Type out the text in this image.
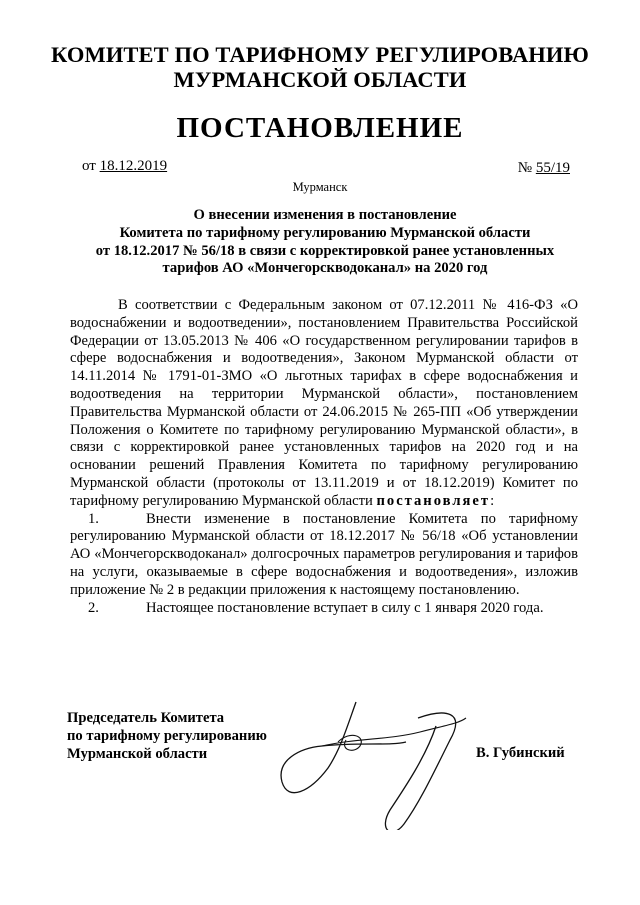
КОМИТЕТ ПО ТАРИФНОМУ РЕГУЛИРОВАНИЮ
МУРМАНСКОЙ ОБЛАСТИ
ПОСТАНОВЛЕНИЕ
от 18.12.2019	№ 55/19
Мурманск
О внесении изменения в постановление
Комитета по тарифному регулированию Мурманской области
от 18.12.2017 № 56/18 в связи с корректировкой ранее установленных
тарифов АО «Мончегорскводоканал» на 2020 год

В соответствии с Федеральным законом от 07.12.2011 № 416-ФЗ «О водоснабжении и водоотведении», постановлением Правительства Российской Федерации от 13.05.2013 № 406 «О государственном регулировании тарифов в сфере водоснабжения и водоотведения», Законом Мурманской области от 14.11.2014 № 1791-01-ЗМО «О льготных тарифах в сфере водоснабжения и водоотведения на территории Мурманской области», постановлением Правительства Мурманской области от 24.06.2015 № 265-ПП «Об утверждении Положения о Комитете по тарифному регулированию Мурманской области», в связи с корректировкой ранее установленных тарифов на 2020 год и на основании решений Правления Комитета по тарифному регулированию Мурманской области (протоколы от 13.11.2019 и от 18.12.2019) Комитет по тарифному регулированию Мурманской области постановляет:

1.	Внести изменение в постановление Комитета по тарифному регулированию Мурманской области от 18.12.2017 № 56/18 «Об установлении АО «Мончегорскводоканал» долгосрочных параметров регулирования и тарифов на услуги, оказываемые в сфере водоснабжения и водоотведения», изложив приложение № 2 в редакции приложения к настоящему постановлению.

2.	Настоящее постановление вступает в силу с 1 января 2020 года.

Председатель Комитета
по тарифному регулированию
Мурманской области	В. Губинский
